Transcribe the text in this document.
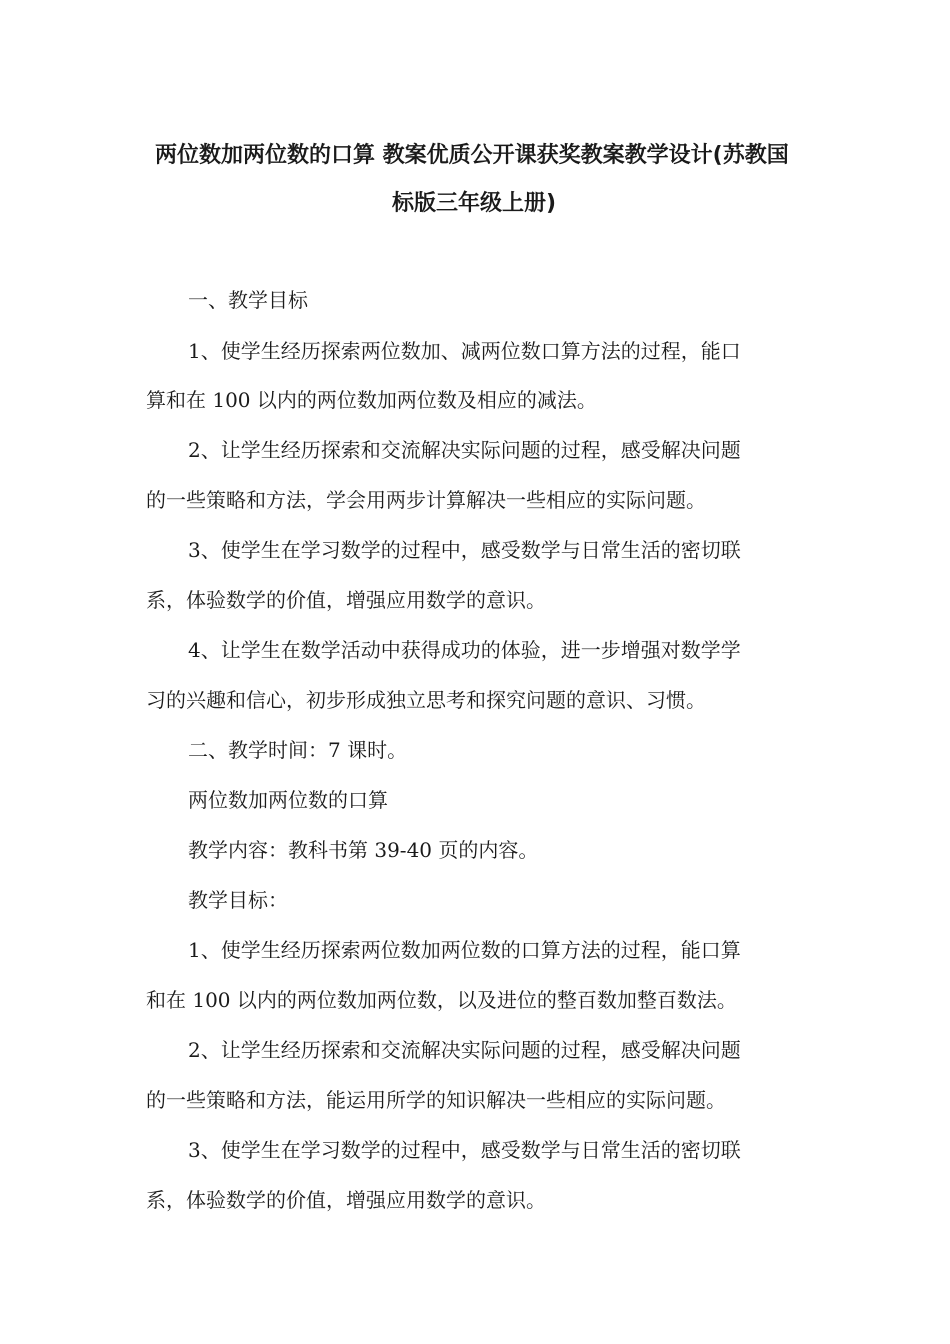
两位数加两位数的口算 教案优质公开课获奖教案教学设计(苏教国
标版三年级上册)
一、教学目标
1、使学生经历探索两位数加、减两位数口算方法的过程，能口
算和在 100 以内的两位数加两位数及相应的减法。
2、让学生经历探索和交流解决实际问题的过程，感受解决问题
的一些策略和方法，学会用两步计算解决一些相应的实际问题。
3、使学生在学习数学的过程中，感受数学与日常生活的密切联
系，体验数学的价值，增强应用数学的意识。
4、让学生在数学活动中获得成功的体验，进一步增强对数学学
习的兴趣和信心，初步形成独立思考和探究问题的意识、习惯。
二、教学时间：7 课时。
两位数加两位数的口算
教学内容：教科书第 39-40 页的内容。
教学目标：
1、使学生经历探索两位数加两位数的口算方法的过程，能口算
和在 100 以内的两位数加两位数，以及进位的整百数加整百数法。
2、让学生经历探索和交流解决实际问题的过程，感受解决问题
的一些策略和方法，能运用所学的知识解决一些相应的实际问题。
3、使学生在学习数学的过程中，感受数学与日常生活的密切联
系，体验数学的价值，增强应用数学的意识。
